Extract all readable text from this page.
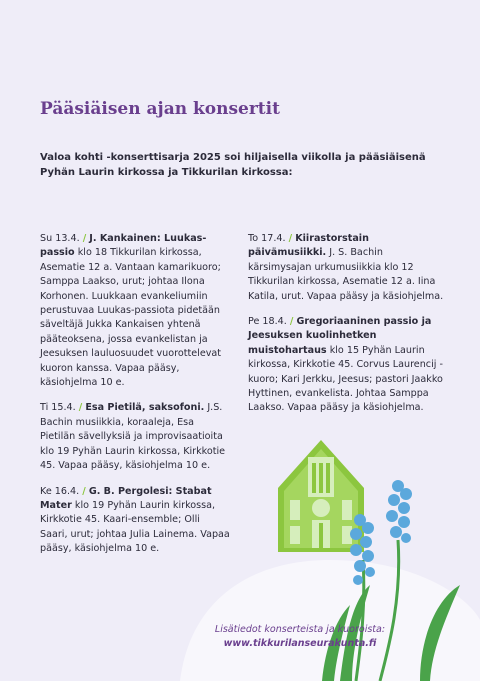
Pääsiäisen ajan konsertit
Valoa kohti -konserttisarja 2025 soi hiljaisella viikolla ja pääsiäisenä Pyhän Laurin kirkossa ja Tikkurilan kirkossa:
Su 13.4. / J. Kankainen: Luukas-passio klo 18 Tikkurilan kirkossa, Asematie 12 a. Vantaan kamarikuoro; Samppa Laakso, urut; johtaa Ilona Korhonen. Luukkaan evankeliumiin perustuvaa Luukas-passiota pidetään säveltäjä Jukka Kankaisen yhtenä pääteoksena, jossa evankelistan ja Jeesuksen lauluosuudet vuorottelevat kuoron kanssa. Vapaa pääsy, käsiohjelma 10 e.
Ti 15.4. / Esa Pietilä, saksofoni. J.S. Bachin musiikkia, koraaleja, Esa Pietilän sävellyksiä ja improvisaatioita klo 19 Pyhän Laurin kirkossa, Kirkkotie 45. Vapaa pääsy, käsiohjelma 10 e.
Ke 16.4. / G. B. Pergolesi: Stabat Mater klo 19 Pyhän Laurin kirkossa, Kirkkotie 45. Kaari-ensemble; Olli Saari, urut; johtaa Julia Lainema. Vapaa pääsy, käsiohjelma 10 e.
To 17.4. / Kiirastorstain päivämusiikki. J. S. Bachin kärsimysajan urkumusiikkia klo 12 Tikkurilan kirkossa, Asematie 12 a. Iina Katila, urut. Vapaa pääsy ja käsiohjelma.
Pe 18.4. / Gregoriaaninen passio ja Jeesuksen kuolinhetken muistohartaus klo 15 Pyhän Laurin kirkossa, Kirkkotie 45. Corvus Laurencij -kuoro; Kari Jerkku, Jeesus; pastori Jaakko Hyttinen, evankelista. Johtaa Samppa Laakso. Vapaa pääsy ja käsiohjelma.
Lisätiedot konserteista ja kuoroista:
www.tikkurilanseurakunta.fi
